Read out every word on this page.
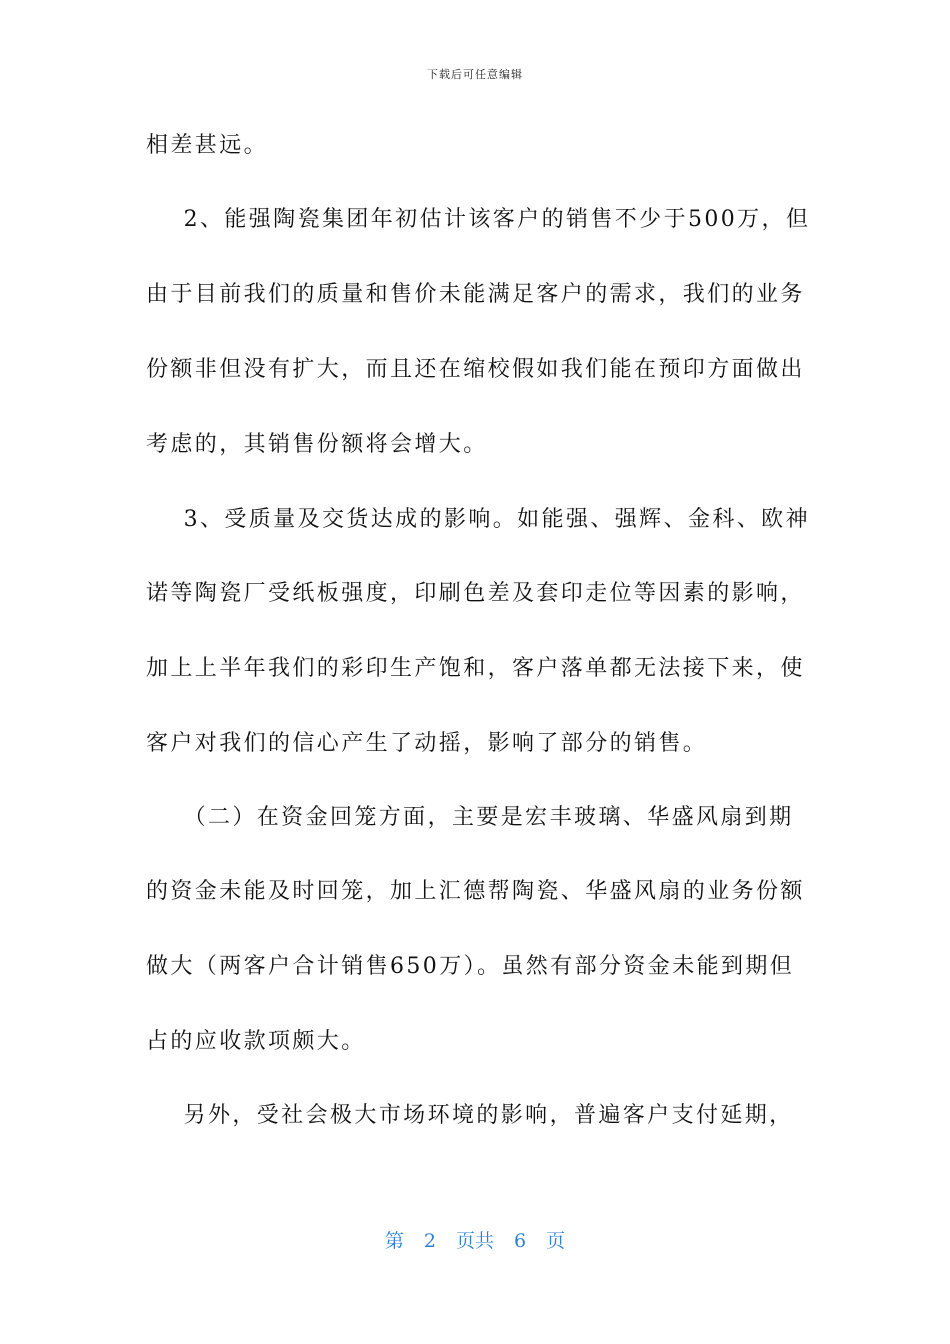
下载后可任意编辑
相差甚远。
2、能强陶瓷集团年初估计该客户的销售不少于500万，但
由于目前我们的质量和售价未能满足客户的需求，我们的业务
份额非但没有扩大，而且还在缩校假如我们能在预印方面做出
考虑的，其销售份额将会增大。
3、受质量及交货达成的影响。如能强、强辉、金科、欧神
诺等陶瓷厂受纸板强度，印刷色差及套印走位等因素的影响，
加上上半年我们的彩印生产饱和，客户落单都无法接下来，使
客户对我们的信心产生了动摇，影响了部分的销售。
（二）在资金回笼方面，主要是宏丰玻璃、华盛风扇到期
的资金未能及时回笼，加上汇德帮陶瓷、华盛风扇的业务份额
做大（两客户合计销售650万）。虽然有部分资金未能到期但
占的应收款项颇大。
另外，受社会极大市场环境的影响，普遍客户支付延期，
第 2 页共 6 页
